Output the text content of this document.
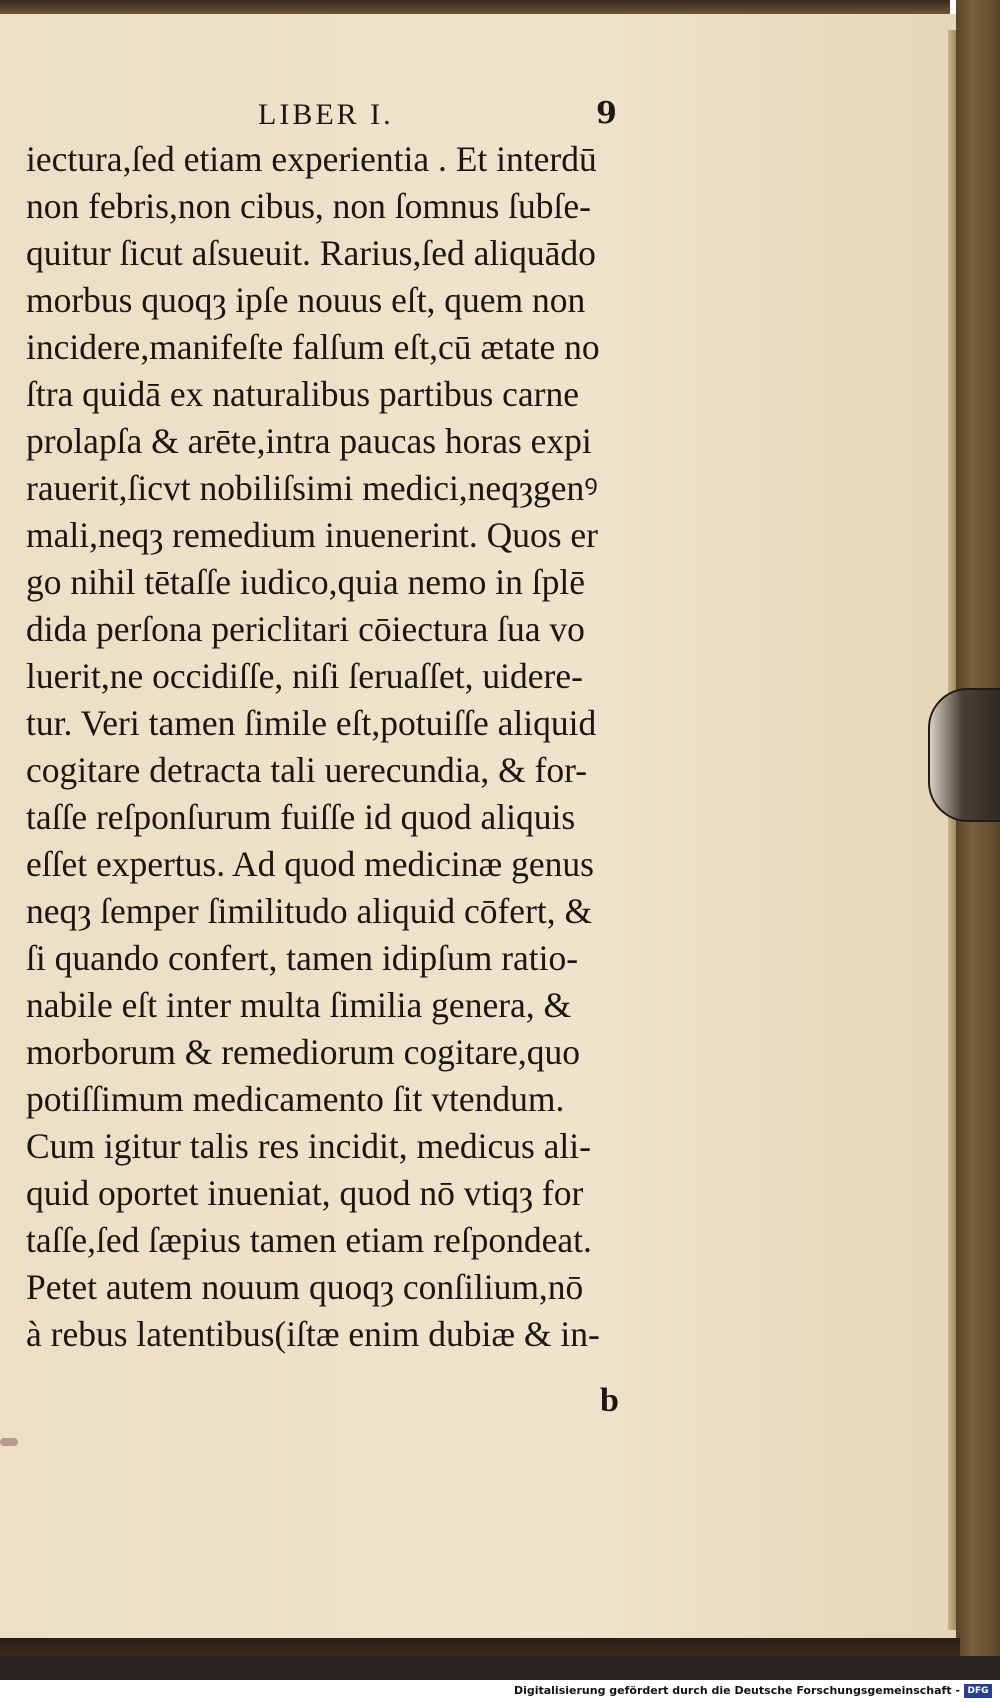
LIBER I.	9
iectura,ſed etiam experientia . Et interdū
non febris,non cibus, non ſomnus ſubſe-
quitur ſicut aſsueuit. Rarius,ſed aliquādo
morbus quoqȝ ipſe nouus eſt, quem non
incidere,manifeſte falſum eſt,cū ætate no
ſtra quidā ex naturalibus partibus carne
prolapſa & arēte,intra paucas horas expi
rauerit,ſicvt nobiliſsimi medici,neqȝgenꝰ
mali,neqȝ remedium inuenerint. Quos er
go nihil tētaſſe iudico,quia nemo in ſplē
dida perſona periclitari cōiectura ſua vo
luerit,ne occidiſſe, niſi ſeruaſſet, uidere-
tur. Veri tamen ſimile eſt,potuiſſe aliquid
cogitare detracta tali uerecundia, & for-
taſſe reſponſurum fuiſſe id quod aliquis
eſſet expertus. Ad quod medicinæ genus
neqȝ ſemper ſimilitudo aliquid cōfert, &
ſi quando confert, tamen idipſum ratio-
nabile eſt inter multa ſimilia genera, &
morborum & remediorum cogitare,quo
potiſſimum medicamento ſit vtendum.
Cum igitur talis res incidit, medicus ali-
quid oportet inueniat, quod nō vtiqȝ for
taſſe,ſed ſæpius tamen etiam reſpondeat.
Petet autem nouum quoqȝ conſilium,nō
à rebus latentibus(iſtæ enim dubiæ & in-
b
Digitalisierung gefördert durch die Deutsche Forschungsgemeinschaft - DFG
